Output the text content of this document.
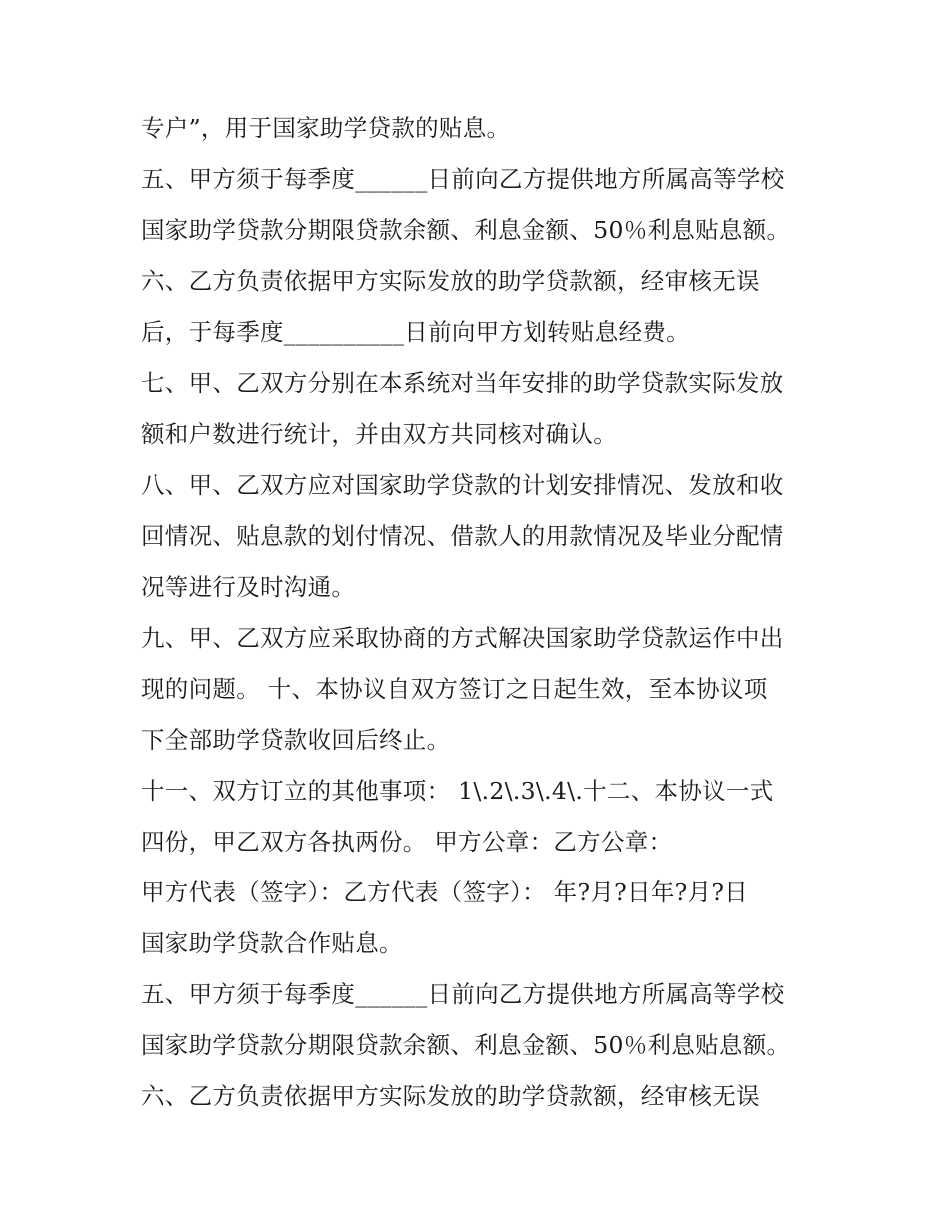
专户”，用于国家助学贷款的贴息。
五、甲方须于每季度______日前向乙方提供地方所属高等学校
国家助学贷款分期限贷款余额、利息金额、50％利息贴息额。
六、乙方负责依据甲方实际发放的助学贷款额，经审核无误
后，于每季度__________日前向甲方划转贴息经费。
七、甲、乙双方分别在本系统对当年安排的助学贷款实际发放
额和户数进行统计，并由双方共同核对确认。
八、甲、乙双方应对国家助学贷款的计划安排情况、发放和收
回情况、贴息款的划付情况、借款人的用款情况及毕业分配情
况等进行及时沟通。
九、甲、乙双方应采取协商的方式解决国家助学贷款运作中出
现的问题。 十、本协议自双方签订之日起生效，至本协议项
下全部助学贷款收回后终止。
十一、双方订立的其他事项： 1\.2\.3\.4\.十二、本协议一式
四份，甲乙双方各执两份。 甲方公章：乙方公章：
甲方代表（签字）：乙方代表（签字）： 年?月?日年?月?日
国家助学贷款合作贴息。
五、甲方须于每季度______日前向乙方提供地方所属高等学校
国家助学贷款分期限贷款余额、利息金额、50％利息贴息额。
六、乙方负责依据甲方实际发放的助学贷款额，经审核无误
